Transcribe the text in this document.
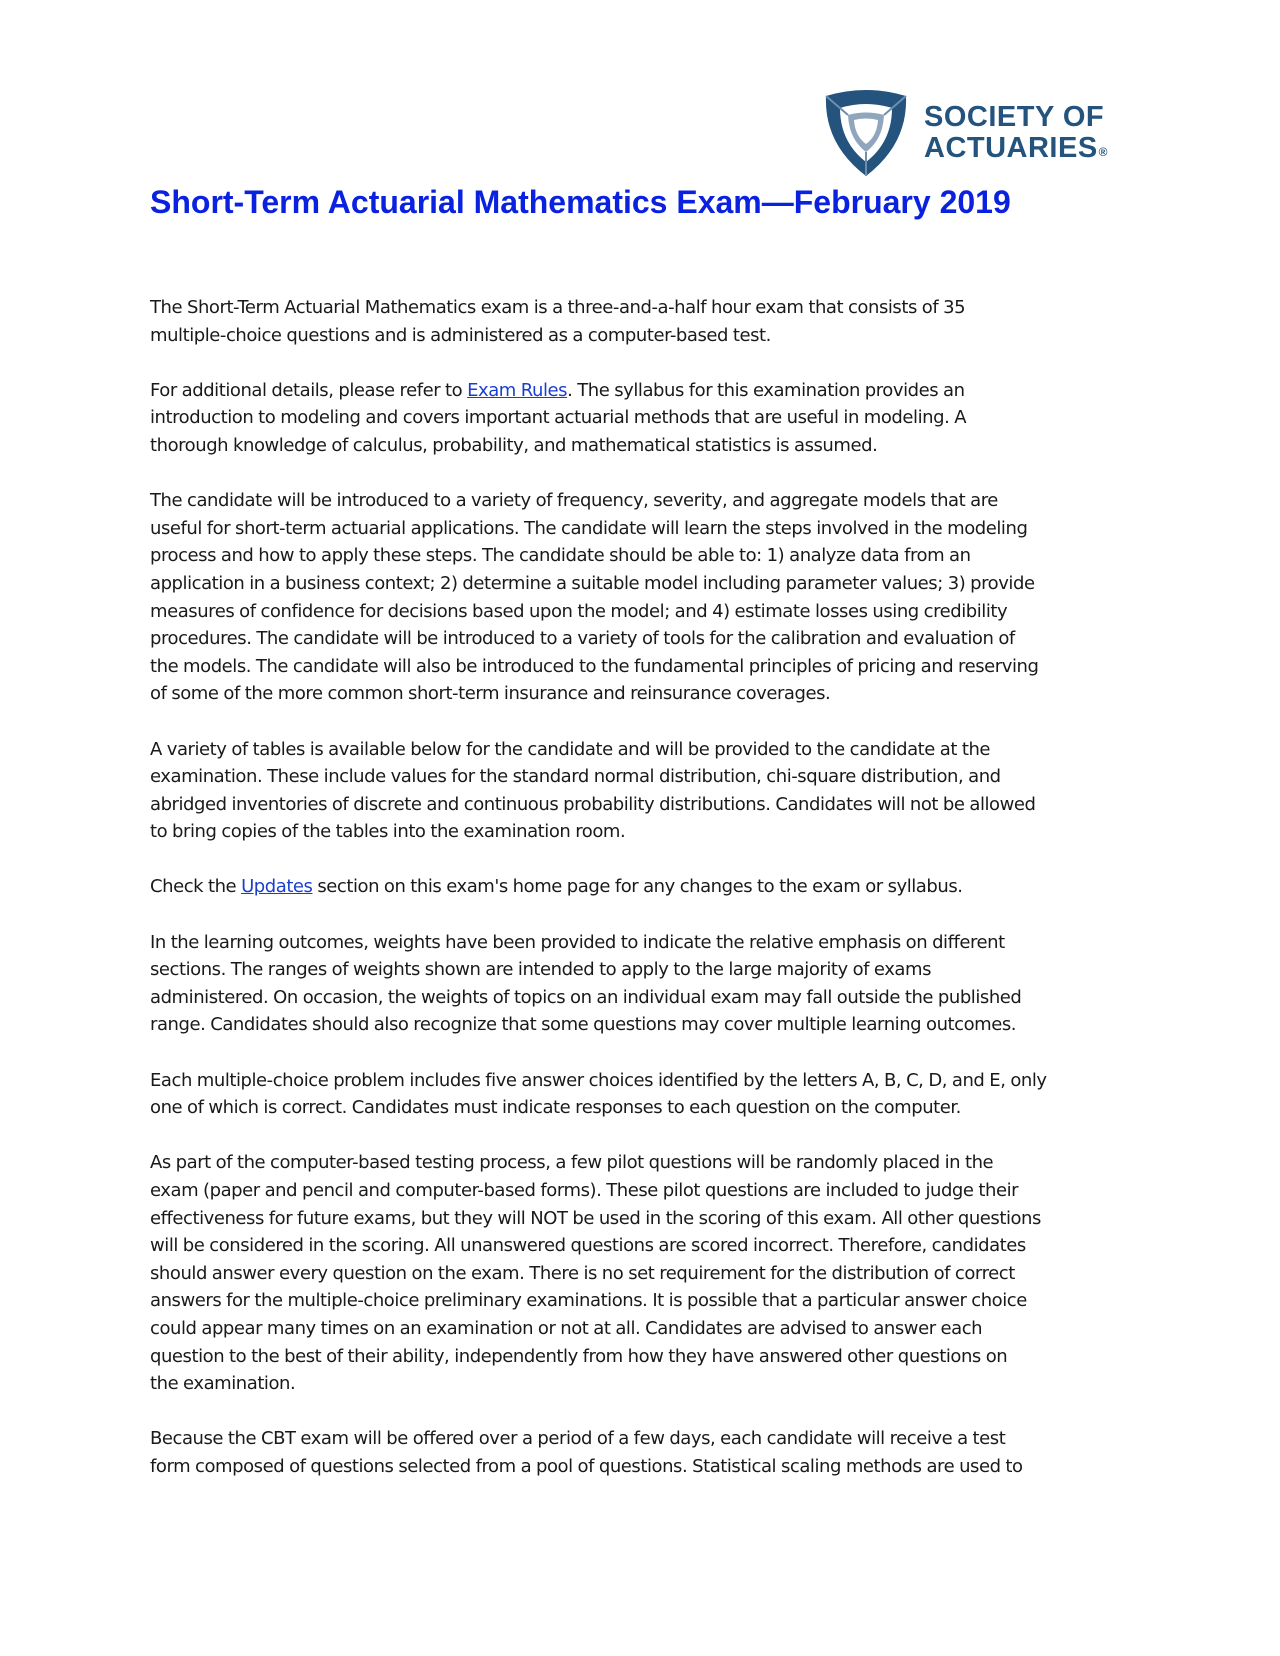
SOCIETY OF
ACTUARIES®
Short-Term Actuarial Mathematics Exam—February 2019

The Short-Term Actuarial Mathematics exam is a three-and-a-half hour exam that consists of 35
multiple-choice questions and is administered as a computer-based test.

For additional details, please refer to Exam Rules. The syllabus for this examination provides an
introduction to modeling and covers important actuarial methods that are useful in modeling. A
thorough knowledge of calculus, probability, and mathematical statistics is assumed.

The candidate will be introduced to a variety of frequency, severity, and aggregate models that are
useful for short-term actuarial applications. The candidate will learn the steps involved in the modeling
process and how to apply these steps. The candidate should be able to: 1) analyze data from an
application in a business context; 2) determine a suitable model including parameter values; 3) provide
measures of confidence for decisions based upon the model; and 4) estimate losses using credibility
procedures. The candidate will be introduced to a variety of tools for the calibration and evaluation of
the models. The candidate will also be introduced to the fundamental principles of pricing and reserving
of some of the more common short-term insurance and reinsurance coverages.

A variety of tables is available below for the candidate and will be provided to the candidate at the
examination. These include values for the standard normal distribution, chi-square distribution, and
abridged inventories of discrete and continuous probability distributions. Candidates will not be allowed
to bring copies of the tables into the examination room.

Check the Updates section on this exam's home page for any changes to the exam or syllabus.

In the learning outcomes, weights have been provided to indicate the relative emphasis on different
sections. The ranges of weights shown are intended to apply to the large majority of exams
administered. On occasion, the weights of topics on an individual exam may fall outside the published
range. Candidates should also recognize that some questions may cover multiple learning outcomes.

Each multiple-choice problem includes five answer choices identified by the letters A, B, C, D, and E, only
one of which is correct. Candidates must indicate responses to each question on the computer.

As part of the computer-based testing process, a few pilot questions will be randomly placed in the
exam (paper and pencil and computer-based forms). These pilot questions are included to judge their
effectiveness for future exams, but they will NOT be used in the scoring of this exam. All other questions
will be considered in the scoring. All unanswered questions are scored incorrect. Therefore, candidates
should answer every question on the exam. There is no set requirement for the distribution of correct
answers for the multiple-choice preliminary examinations. It is possible that a particular answer choice
could appear many times on an examination or not at all. Candidates are advised to answer each
question to the best of their ability, independently from how they have answered other questions on
the examination.

Because the CBT exam will be offered over a period of a few days, each candidate will receive a test
form composed of questions selected from a pool of questions. Statistical scaling methods are used to
